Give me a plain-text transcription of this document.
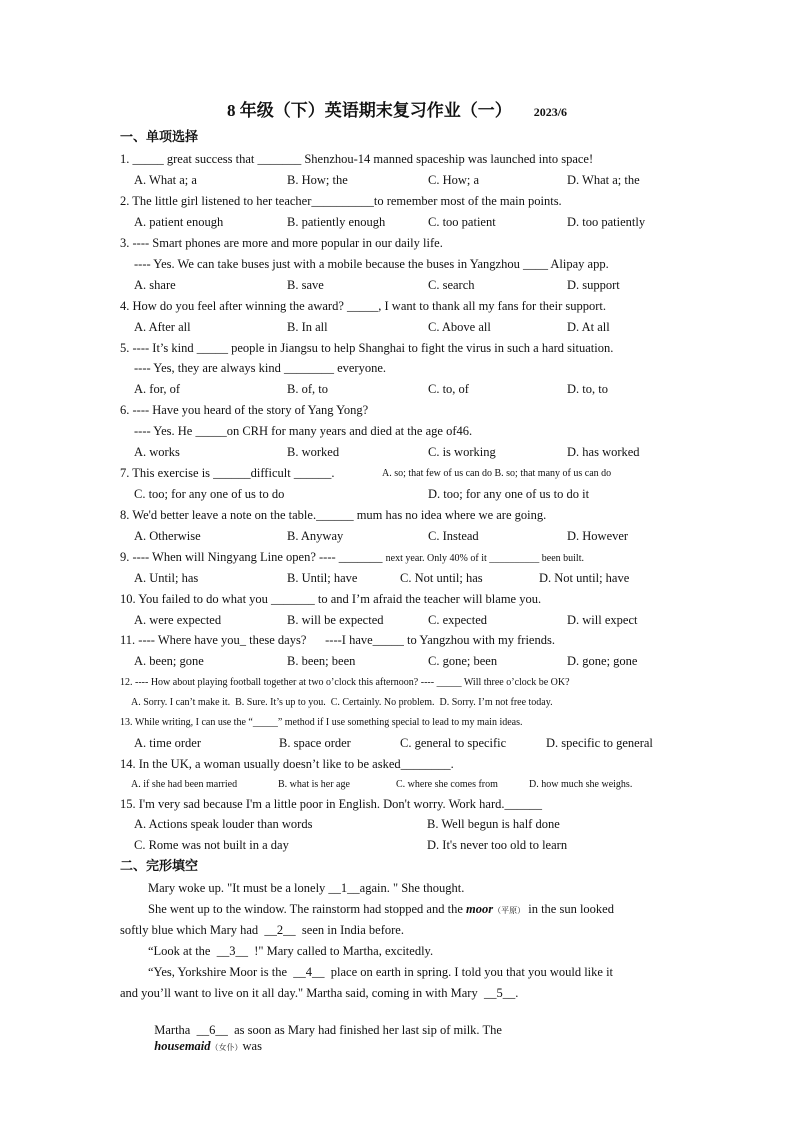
8 年级（下）英语期末复习作业（一） 2023/6
一、单项选择
1. _____ great success that _______ Shenzhou-14 manned spaceship was launched into space!
A. What a; a	B. How; the	C. How; a	D. What a; the
2. The little girl listened to her teacher__________to remember most of the main points.
A. patient enough	B. patiently enough	C. too patient	D. too patiently
3. ---- Smart phones are more and more popular in our daily life.
---- Yes. We can take buses just with a mobile because the buses in Yangzhou ____ Alipay app.
A. share	B. save	C. search	D. support
4. How do you feel after winning the award? _____, I want to thank all my fans for their support.
A. After all	B. In all	C. Above all	D. At all
5. ---- It’s kind _____ people in Jiangsu to help Shanghai to fight the virus in such a hard situation.
---- Yes, they are always kind ________ everyone.
A. for, of	B. of, to	C. to, of	D. to, to
6. ---- Have you heard of the story of Yang Yong?
---- Yes. He _____on CRH for many years and died at the age of46.
A. works	B. worked	C. is working	D. has worked
7. This exercise is ______difficult ______.	A. so; that few of us can do B. so; that many of us can do
C. too; for any one of us to do	D. too; for any one of us to do it
8. We'd better leave a note on the table.______ mum has no idea where we are going.
A. Otherwise	B. Anyway	C. Instead	D. However
9. ---- When will Ningyang Line open? ---- _______ next year. Only 40% of it __________ been built.
A. Until; has	B. Until; have	C. Not until; has	D. Not until; have
10. You failed to do what you _______ to and I’m afraid the teacher will blame you.
A. were expected	B. will be expected	C. expected	D. will expect
11. ---- Where have you_ these days?      ----I have_____ to Yangzhou with my friends.
A. been; gone	B. been; been	C. gone; been	D. gone; gone
12. ---- How about playing football together at two o’clock this afternoon? ---- _____ Will three o’clock be OK?
A. Sorry. I can’t make it.  B. Sure. It’s up to you.  C. Certainly. No problem.  D. Sorry. I’m not free today.
13. While writing, I can use the “_____” method if I use something special to lead to my main ideas.
A. time order	B. space order	C. general to specific	D. specific to general
14. In the UK, a woman usually doesn’t like to be asked________.
A. if she had been married	B. what is her age	C. where she comes from	D. how much she weighs.
15. I'm very sad because I'm a little poor in English. Don't worry. Work hard.______
A. Actions speak louder than words	B. Well begun is half done
C. Rome was not built in a day	D. It's never too old to learn
二、完形填空
Mary woke up. "It must be a lonely __1__again. " She thought.
She went up to the window. The rainstorm had stopped and the moor（平原） in the sun looked
softly blue which Mary had  __2__  seen in India before.
“Look at the  __3__  !" Mary called to Martha, excitedly.
“Yes, Yorkshire Moor is the  __4__  place on earth in spring. I told you that you would like it
and you’ll want to live on it all day." Martha said, coming in with Mary  __5__.

Martha  __6__  as soon as Mary had finished her last sip of milk. The
housemaid（女仆）was
